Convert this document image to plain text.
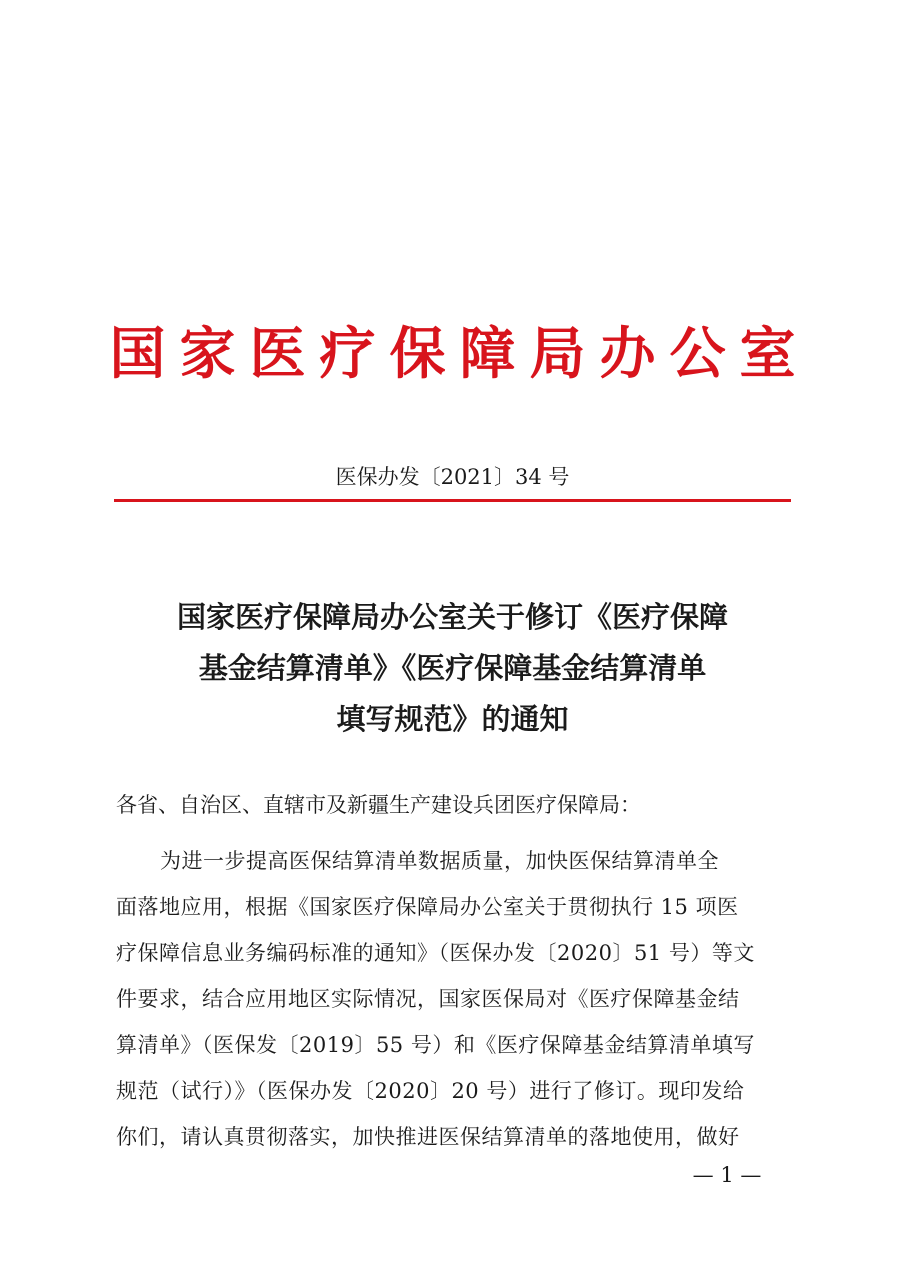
国家医疗保障局办公室
医保办发〔2021〕34 号
国家医疗保障局办公室关于修订《医疗保障
基金结算清单》《医疗保障基金结算清单
填写规范》的通知
各省、自治区、直辖市及新疆生产建设兵团医疗保障局：
为进一步提高医保结算清单数据质量，加快医保结算清单全
面落地应用，根据《国家医疗保障局办公室关于贯彻执行 15 项医
疗保障信息业务编码标准的通知》（医保办发〔2020〕51 号）等文
件要求，结合应用地区实际情况，国家医保局对《医疗保障基金结
算清单》（医保发〔2019〕55 号）和《医疗保障基金结算清单填写
规范（试行）》（医保办发〔2020〕20 号）进行了修订。现印发给
你们，请认真贯彻落实，加快推进医保结算清单的落地使用，做好
— 1 —
